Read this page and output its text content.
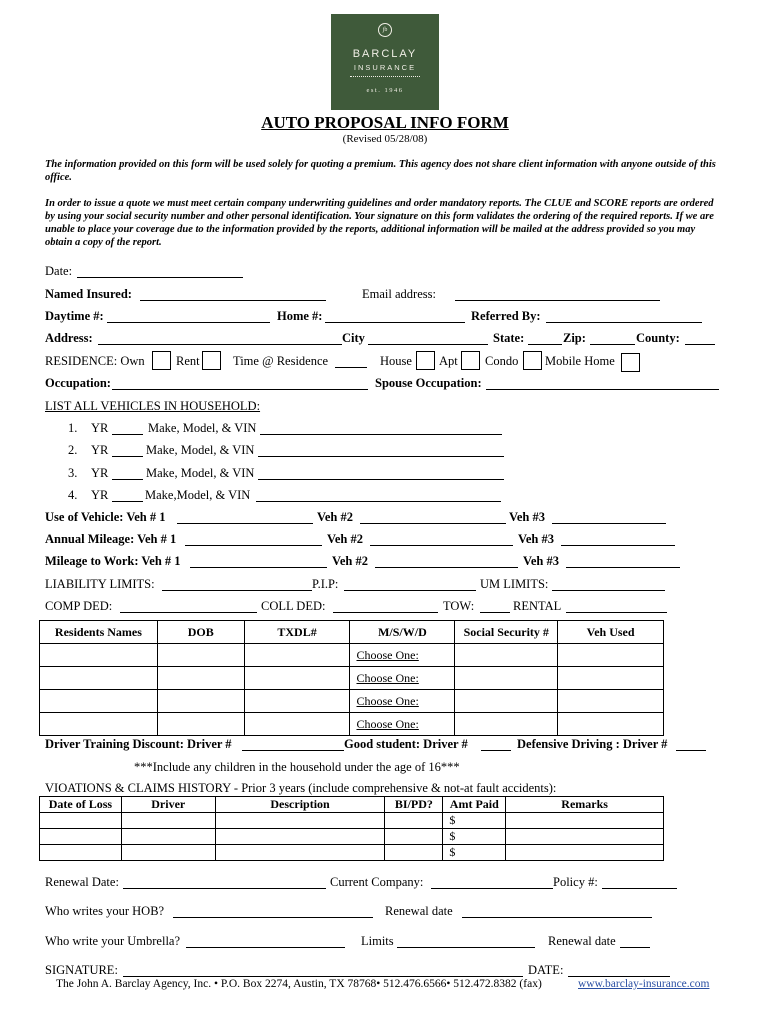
jb
BARCLAY
INSURANCE
est. 1946
AUTO PROPOSAL INFO FORM
(Revised 05/28/08)
The information provided on this form will be used solely for quoting a premium. This agency does not share client information with anyone outside of this office.
In order to issue a quote we must meet certain company underwriting guidelines and order mandatory reports. The CLUE and SCORE reports are ordered by using your social security number and other personal identification. Your signature on this form validates the ordering of the required reports. If we are unable to place your coverage due to the information provided by the reports, additional information will be mailed at the address provided so you may obtain a copy of the report.
Date:
Named Insured:	Email address:
Daytime #:	Home #:	Referred By:
Address:	City	State:	Zip:	County:
RESIDENCE: Own	Rent	Time @ Residence	House Apt Condo Mobile Home
Occupation:	Spouse Occupation:
LIST ALL VEHICLES IN HOUSEHOLD:
1. YR	Make, Model, & VIN
2. YR	Make, Model, & VIN
3. YR	Make, Model, & VIN
4. YR	Make,Model, & VIN
Use of Vehicle: Veh # 1	Veh #2	Veh #3
Annual Mileage: Veh # 1	Veh #2	Veh #3
Mileage to Work: Veh # 1	Veh #2	Veh #3
LIABILITY LIMITS:	P.I.P:	UM LIMITS:
COMP DED:	COLL DED:	TOW:	RENTAL
Residents Names	DOB	TXDL#	M/S/W/D	Social Security #	Veh Used
			Choose One:		
			Choose One:		
			Choose One:		
			Choose One:		
Driver Training Discount: Driver #	Good student: Driver #	Defensive Driving : Driver #
***Include any children in the household under the age of 16***
VIOATIONS & CLAIMS HISTORY - Prior 3 years (include comprehensive & not-at fault accidents):
Date of Loss	Driver	Description	BI/PD?	Amt Paid	Remarks
				$	
				$	
				$	
Renewal Date:	Current Company:	Policy #:
Who writes your HOB?	Renewal date
Who write your Umbrella?	Limits	Renewal date
SIGNATURE:	DATE:
The John A. Barclay Agency, Inc. • P.O. Box 2274, Austin, TX 78768• 512.476.6566• 512.472.8382 (fax)	www.barclay-insurance.com
